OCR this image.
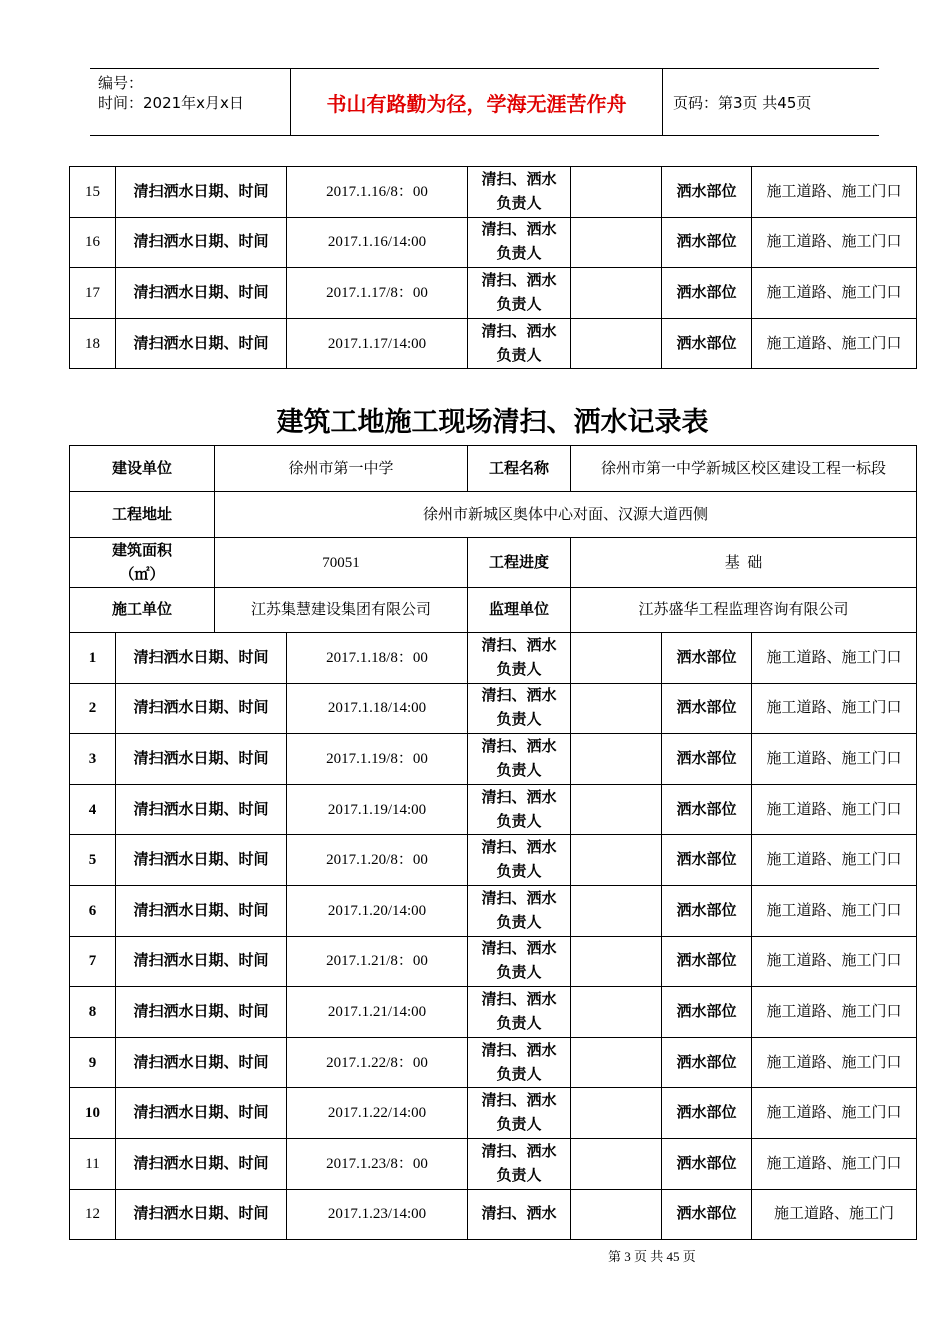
编号：
时间：2021年x月x日	书山有路勤为径，学海无涯苦作舟	页码：第3页 共45页
15	清扫洒水日期、时间	2017.1.16/8：00	清扫、洒水负责人		洒水部位	施工道路、施工门口
16	清扫洒水日期、时间	2017.1.16/14:00	清扫、洒水负责人		洒水部位	施工道路、施工门口
17	清扫洒水日期、时间	2017.1.17/8：00	清扫、洒水负责人		洒水部位	施工道路、施工门口
18	清扫洒水日期、时间	2017.1.17/14:00	清扫、洒水负责人		洒水部位	施工道路、施工门口
建筑工地施工现场清扫、洒水记录表
建设单位	徐州市第一中学	工程名称	徐州市第一中学新城区校区建设工程一标段
工程地址	徐州市新城区奥体中心对面、汉源大道西侧		
建筑面积（㎡）	70051	工程进度	基  础
施工单位	江苏集慧建设集团有限公司	监理单位	江苏盛华工程监理咨询有限公司
1	清扫洒水日期、时间	2017.1.18/8：00	清扫、洒水负责人		洒水部位	施工道路、施工门口
2	清扫洒水日期、时间	2017.1.18/14:00	清扫、洒水负责人		洒水部位	施工道路、施工门口
3	清扫洒水日期、时间	2017.1.19/8：00	清扫、洒水负责人		洒水部位	施工道路、施工门口
4	清扫洒水日期、时间	2017.1.19/14:00	清扫、洒水负责人		洒水部位	施工道路、施工门口
5	清扫洒水日期、时间	2017.1.20/8：00	清扫、洒水负责人		洒水部位	施工道路、施工门口
6	清扫洒水日期、时间	2017.1.20/14:00	清扫、洒水负责人		洒水部位	施工道路、施工门口
7	清扫洒水日期、时间	2017.1.21/8：00	清扫、洒水负责人		洒水部位	施工道路、施工门口
8	清扫洒水日期、时间	2017.1.21/14:00	清扫、洒水负责人		洒水部位	施工道路、施工门口
9	清扫洒水日期、时间	2017.1.22/8：00	清扫、洒水负责人		洒水部位	施工道路、施工门口
10	清扫洒水日期、时间	2017.1.22/14:00	清扫、洒水负责人		洒水部位	施工道路、施工门口
11	清扫洒水日期、时间	2017.1.23/8：00	清扫、洒水负责人		洒水部位	施工道路、施工门口
12	清扫洒水日期、时间	2017.1.23/14:00	清扫、洒水		洒水部位	施工道路、施工门
第 3 页 共 45 页
